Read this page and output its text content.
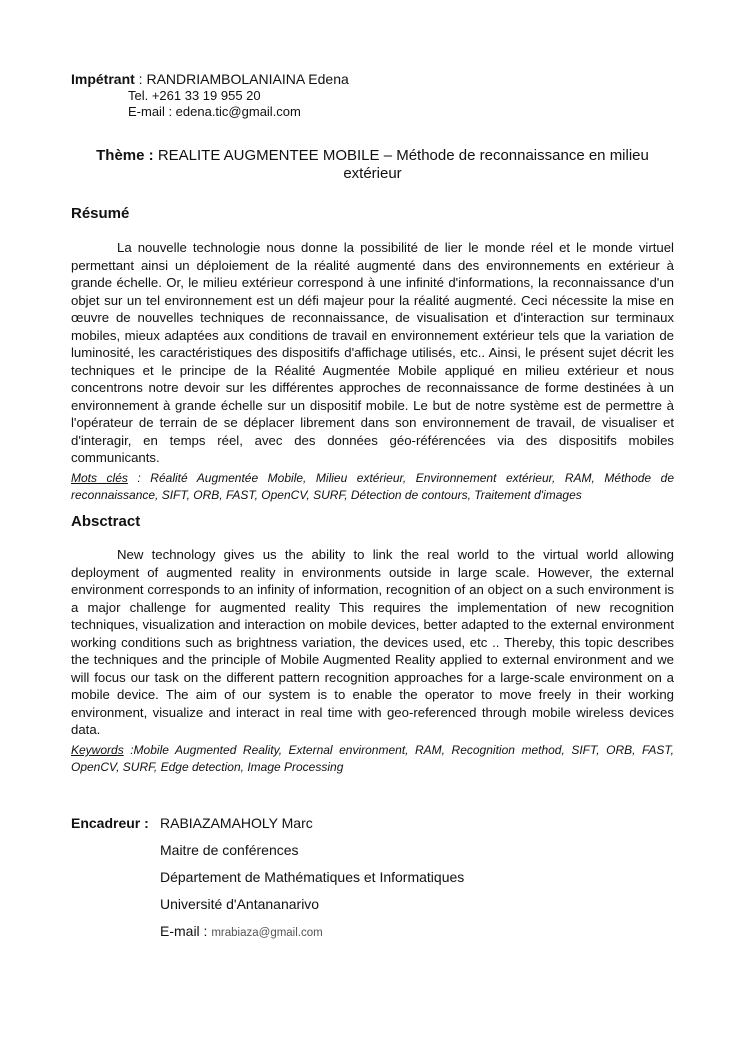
Impétrant : RANDRIAMBOLANIAINA Edena
Tel. +261 33 19 955 20
E-mail : edena.tic@gmail.com
Thème : REALITE AUGMENTEE MOBILE – Méthode de reconnaissance en milieu
extérieur
Résumé
La nouvelle technologie nous donne la possibilité de lier le monde réel et le monde virtuel permettant ainsi un déploiement de la réalité augmenté dans des environnements en extérieur à grande échelle. Or, le milieu extérieur correspond à une infinité d'informations, la reconnaissance d'un objet sur un tel environnement est un défi majeur pour la réalité augmenté. Ceci nécessite la mise en œuvre de nouvelles techniques de reconnaissance, de visualisation et d'interaction sur terminaux mobiles, mieux adaptées aux conditions de travail en environnement extérieur tels que la variation de luminosité, les caractéristiques des dispositifs d'affichage utilisés, etc.. Ainsi, le présent sujet décrit les techniques et le principe de la Réalité Augmentée Mobile appliqué en milieu extérieur et nous concentrons notre devoir sur les différentes approches de reconnaissance de forme destinées à un environnement à grande échelle sur un dispositif mobile. Le but de notre système est de permettre à l'opérateur de terrain de se déplacer librement dans son environnement de travail, de visualiser et d'interagir, en temps réel, avec des données géo-référencées via des dispositifs mobiles communicants.
Mots clés : Réalité Augmentée Mobile, Milieu extérieur, Environnement extérieur, RAM, Méthode de reconnaissance, SIFT, ORB, FAST, OpenCV, SURF, Détection de contours, Traitement d'images
Absctract
New technology gives us the ability to link the real world to the virtual world allowing deployment of augmented reality in environments outside in large scale. However, the external environment corresponds to an infinity of information, recognition of an object on a such environment is a major challenge for augmented reality This requires the implementation of new recognition techniques, visualization and interaction on mobile devices, better adapted to the external environment working conditions such as brightness variation, the devices used, etc .. Thereby, this topic describes the techniques and the principle of Mobile Augmented Reality applied to external environment and we will focus our task on the different pattern recognition approaches for a large-scale environment on a mobile device. The aim of our system is to enable the operator to move freely in their working environment, visualize and interact in real time with geo-referenced through mobile wireless devices data.
Keywords :Mobile Augmented Reality, External environment, RAM, Recognition method, SIFT, ORB, FAST, OpenCV, SURF, Edge detection, Image Processing
Encadreur : RABIAZAMAHOLY Marc
Maitre de conférences
Département de Mathématiques et Informatiques
Université d'Antananarivo
E-mail : mrabiaza@gmail.com
